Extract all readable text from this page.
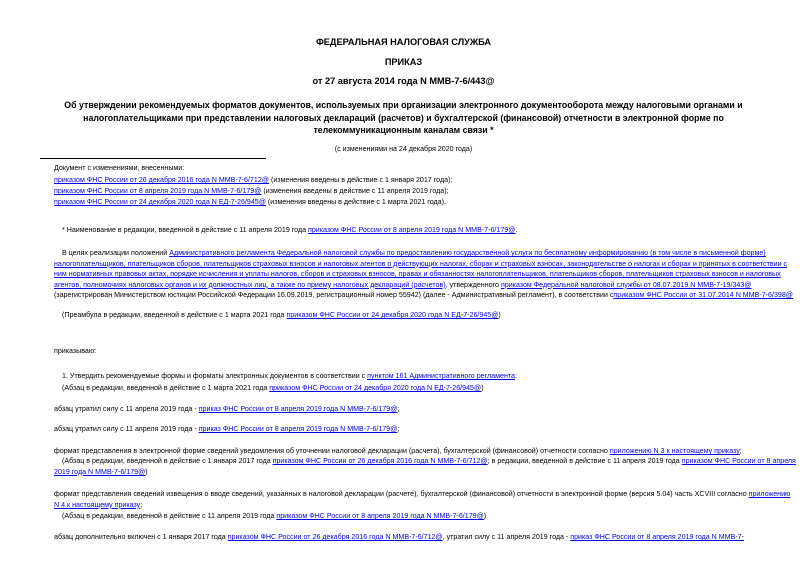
ФЕДЕРАЛЬНАЯ НАЛОГОВАЯ СЛУЖБА
ПРИКАЗ
от 27 августа 2014 года N ММВ-7-6/443@
Об утверждении рекомендуемых форматов документов, используемых при организации электронного документооборота между налоговыми органами и налогоплательщиками при представлении налоговых деклараций (расчетов) и бухгалтерской (финансовой) отчетности в электронной форме по телекоммуникационным каналам связи *
(с изменениями на 24 декабря 2020 года)
Документ с изменениями, внесенными:
приказом ФНС России от 26 декабря 2016 года N ММВ-7-6/712@ (изменения введены в действие с 1 января 2017 года);
приказом ФНС России от 8 апреля 2019 года N ММВ-7-6/179@ (изменения введены в действие с 11 апреля 2019 года);
приказом ФНС России от 24 декабря 2020 года N ЕД-7-26/945@ (изменения введены в действие с 1 марта 2021 года).
* Наименование в редакции, введенной в действие с 11 апреля 2019 года приказом ФНС России от 8 апреля 2019 года N ММВ-7-6/179@.

В целях реализации положений Административного регламента Федеральной налоговой службы по предоставлению государственной услуги по бесплатному информированию (в том числе в письменной форме) налогоплательщиков, плательщиков сборов, плательщиков страховых взносов и налоговых агентов о действующих налогах, сборах и страховых взносах, законодательстве о налогах и сборах и принятых в соответствии с ним нормативных правовых актах, порядке исчисления и уплаты налогов, сборов и страховых взносов, правах и обязанностях налогоплательщиков, плательщиков сборов, плательщиков страховых взносов и налоговых агентов, полномочиях налоговых органов и их должностных лиц, а также по приему налоговых деклараций (расчетов), утвержденного приказом Федеральной налоговой службы от 08.07.2019 N ММВ-7-19/343@ (зарегистрирован Министерством юстиции Российской Федерации 16.09.2019, регистрационный номер 55942) (далее - Административный регламент), в соответствии сприказом ФНС России от 31.07.2014 N ММВ-7-6/398@

(Преамбула в редакции, введенной в действие с 1 марта 2021 года приказом ФНС России от 24 декабря 2020 года N ЕД-7-26/945@)
приказываю:
1. Утвердить рекомендуемые формы и форматы электронных документов в соответствии с пунктом 161 Административного регламента:
(Абзац в редакции, введенной в действие с 1 марта 2021 года приказом ФНС России от 24 декабря 2020 года N ЕД-7-26/945@)
абзац утратил силу с 11 апреля 2019 года - приказ ФНС России от 8 апреля 2019 года N ММВ-7-6/179@;
абзац утратил силу с 11 апреля 2019 года - приказ ФНС России от 8 апреля 2019 года N ММВ-7-6/179@;
формат представления в электронной форме сведений уведомления об уточнении налоговой декларации (расчета), бухгалтерской (финансовой) отчетности согласно приложению N 3 к настоящему приказу;

(Абзац в редакции, введенной в действие с 1 января 2017 года приказом ФНС России от 26 декабря 2016 года N ММВ-7-6/712@; в редакции, введенной в действие с 11 апреля 2019 года приказом ФНС России от 8 апреля 2019 года N ММВ-7-6/179@)

формат представления сведений извещения о вводе сведений, указанных в налоговой декларации (расчете), бухгалтерской (финансовой) отчетности в электронной форме (версия 5.04) часть XCVIII согласно приложению N 4 к настоящему приказу;

(Абзац в редакции, введенной в действие с 11 апреля 2019 года приказом ФНС России от 8 апреля 2019 года N ММВ-7-6/179@)
абзац дополнительно включен с 1 января 2017 года приказом ФНС России от 26 декабря 2016 года N ММВ-7-6/712@, утратил силу с 11 апреля 2019 года - приказ ФНС России от 8 апреля 2019 года N ММВ-7-
